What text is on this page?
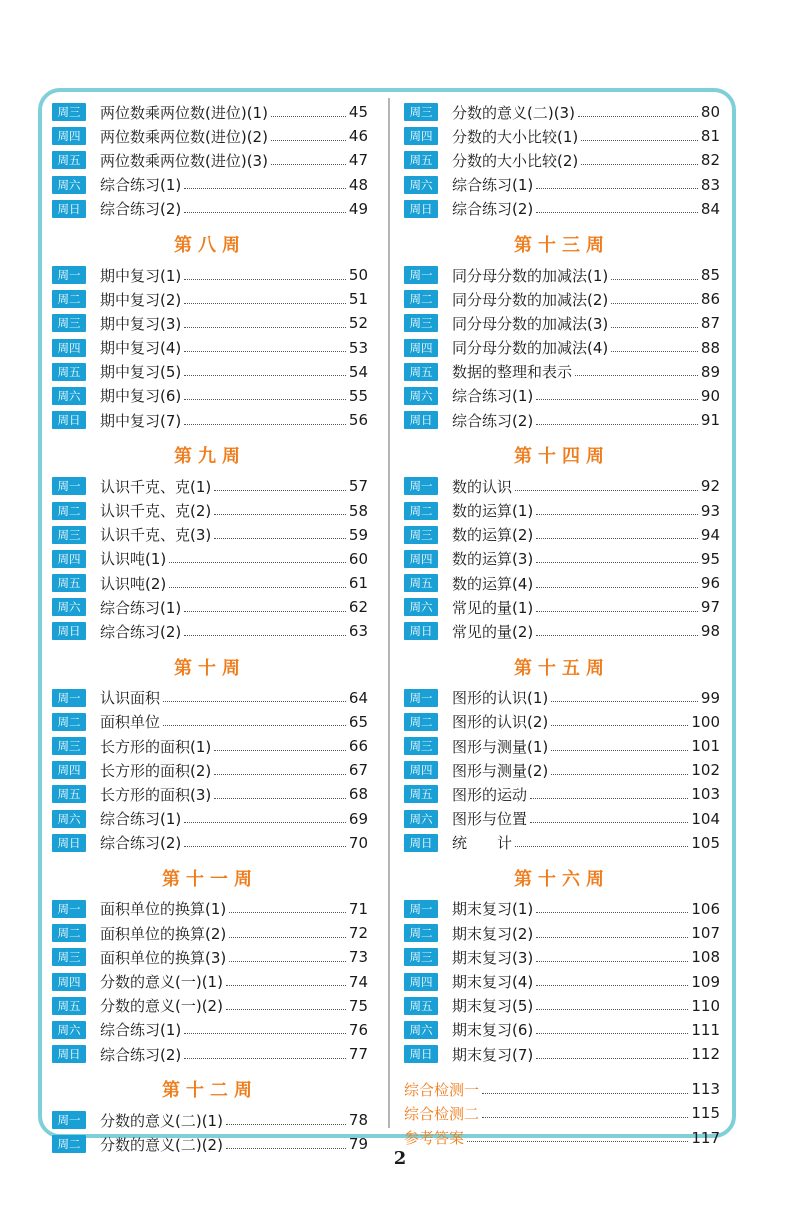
周三	两位数乘两位数(进位)(1)	45
周四	两位数乘两位数(进位)(2)	46
周五	两位数乘两位数(进位)(3)	47
周六	综合练习(1)	48
周日	综合练习(2)	49
第八周
周一	期中复习(1)	50
周二	期中复习(2)	51
周三	期中复习(3)	52
周四	期中复习(4)	53
周五	期中复习(5)	54
周六	期中复习(6)	55
周日	期中复习(7)	56
第九周
周一	认识千克、克(1)	57
周二	认识千克、克(2)	58
周三	认识千克、克(3)	59
周四	认识吨(1)	60
周五	认识吨(2)	61
周六	综合练习(1)	62
周日	综合练习(2)	63
第十周
周一	认识面积	64
周二	面积单位	65
周三	长方形的面积(1)	66
周四	长方形的面积(2)	67
周五	长方形的面积(3)	68
周六	综合练习(1)	69
周日	综合练习(2)	70
第十一周
周一	面积单位的换算(1)	71
周二	面积单位的换算(2)	72
周三	面积单位的换算(3)	73
周四	分数的意义(一)(1)	74
周五	分数的意义(一)(2)	75
周六	综合练习(1)	76
周日	综合练习(2)	77
第十二周
周一	分数的意义(二)(1)	78
周二	分数的意义(二)(2)	79
周三	分数的意义(二)(3)	80
周四	分数的大小比较(1)	81
周五	分数的大小比较(2)	82
周六	综合练习(1)	83
周日	综合练习(2)	84
第十三周
周一	同分母分数的加减法(1)	85
周二	同分母分数的加减法(2)	86
周三	同分母分数的加减法(3)	87
周四	同分母分数的加减法(4)	88
周五	数据的整理和表示	89
周六	综合练习(1)	90
周日	综合练习(2)	91
第十四周
周一	数的认识	92
周二	数的运算(1)	93
周三	数的运算(2)	94
周四	数的运算(3)	95
周五	数的运算(4)	96
周六	常见的量(1)	97
周日	常见的量(2)	98
第十五周
周一	图形的认识(1)	99
周二	图形的认识(2)	100
周三	图形与测量(1)	101
周四	图形与测量(2)	102
周五	图形的运动	103
周六	图形与位置	104
周日	统　　计	105
第十六周
周一	期末复习(1)	106
周二	期末复习(2)	107
周三	期末复习(3)	108
周四	期末复习(4)	109
周五	期末复习(5)	110
周六	期末复习(6)	111
周日	期末复习(7)	112
综合检测一	113
综合检测二	115
参考答案	117
2
